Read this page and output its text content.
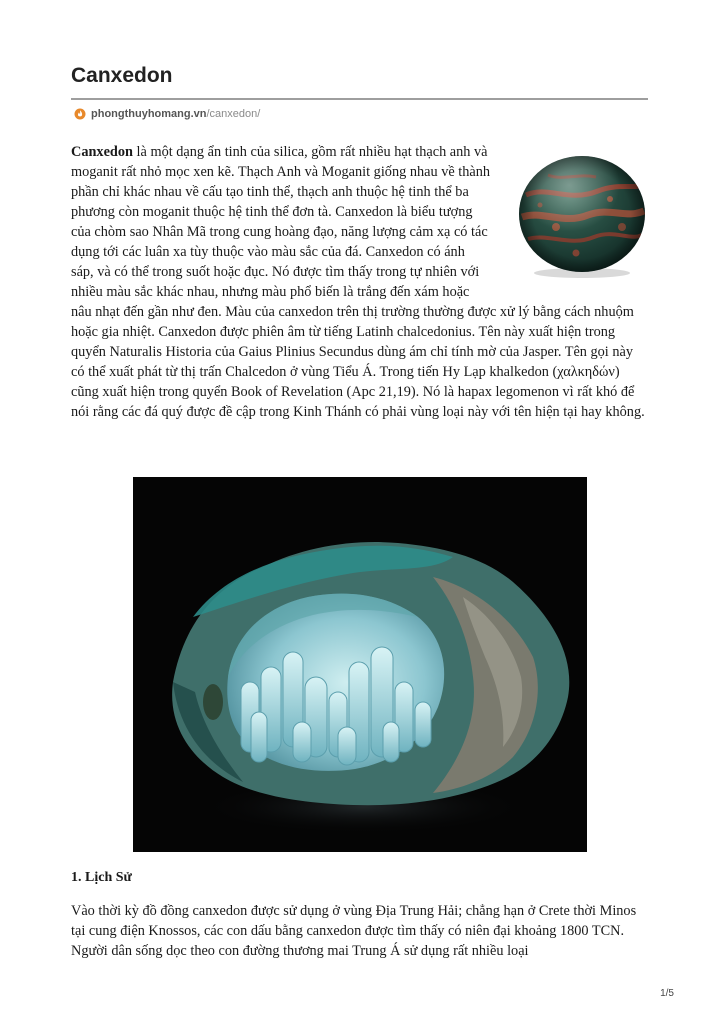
Canxedon
phongthuyhomang.vn/canxedon/

Canxedon là một dạng ẩn tinh của silica, gồm rất nhiều hạt thạch anh và moganit rất nhỏ mọc xen kẽ. Thạch Anh và Moganit giống nhau về thành phần chỉ khác nhau về cấu tạo tinh thể, thạch anh thuộc hệ tinh thể ba phương còn moganit thuộc hệ tinh thể đơn tà. Canxedon là biểu tượng của chòm sao Nhân Mã trong cung hoàng đạo, năng lượng cảm xạ có tác dụng tới các luân xa tùy thuộc vào màu sắc của đá. Canxedon có ánh sáp, và có thể trong suốt hoặc đục. Nó được tìm thấy trong tự nhiên với nhiều màu sắc khác nhau, nhưng màu phổ biến là trắng đến xám hoặc nâu nhạt đến gần như đen. Màu của canxedon trên thị trường thường được xử lý bằng cách nhuộm hoặc gia nhiệt. Canxedon được phiên âm từ tiếng Latinh chalcedonius. Tên này xuất hiện trong quyển Naturalis Historia của Gaius Plinius Secundus dùng ám chỉ tính mờ của Jasper. Tên gọi này có thể xuất phát từ thị trấn Chalcedon ở vùng Tiểu Á. Trong tiến Hy Lạp khalkedon (χαλκηδών) cũng xuất hiện trong quyển Book of Revelation (Apc 21,19). Nó là hapax legomenon vì rất khó để nói rằng các đá quý được đề cập trong Kinh Thánh có phải vùng loại này với tên hiện tại hay không.

1. Lịch Sử

Vào thời kỳ đồ đồng canxedon được sử dụng ở vùng Địa Trung Hải; chẳng hạn ở Crete thời Minos tại cung điện Knossos, các con dấu bằng canxedon được tìm thấy có niên đại khoảng 1800 TCN. Người dân sống dọc theo con đường thương mai Trung Á sử dụng rất nhiều loại

1/5
